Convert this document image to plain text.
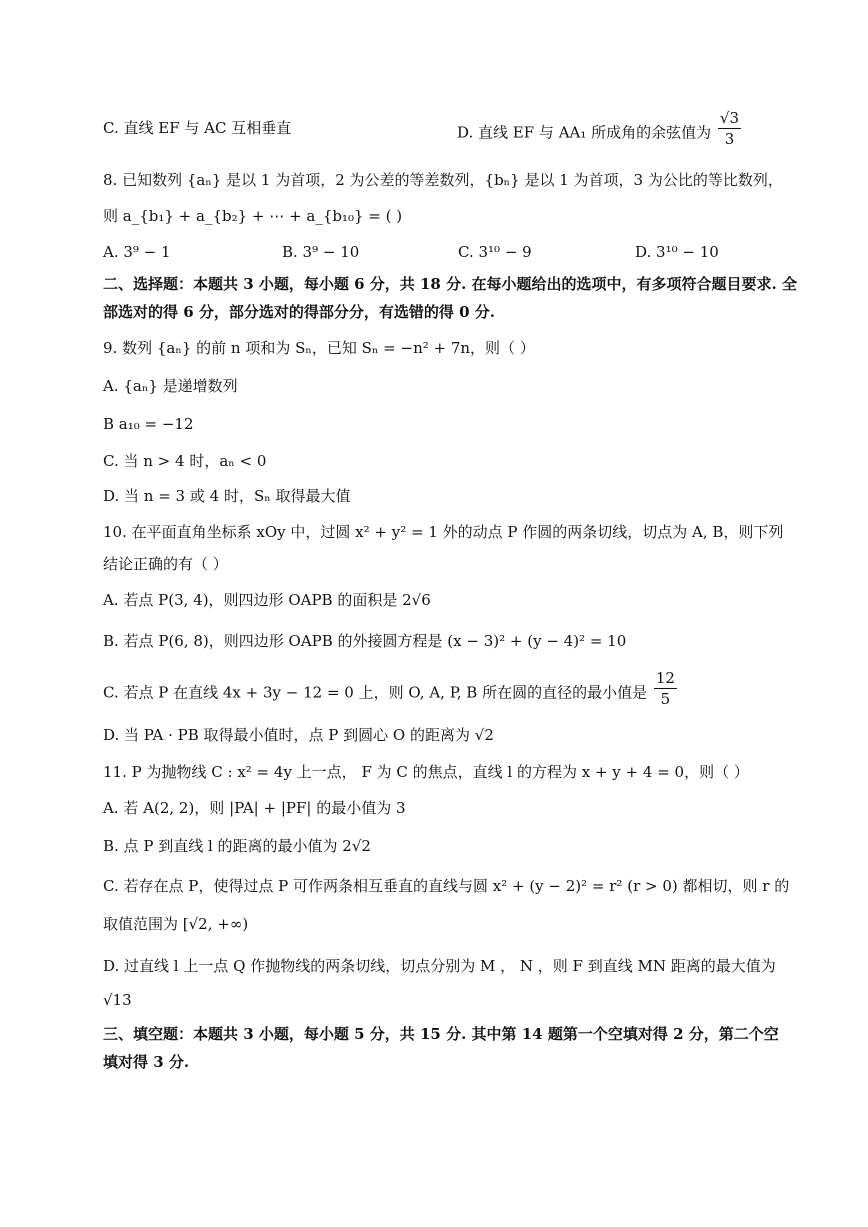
C. 直线 EF 与 AC 互相垂直	D. 直线 EF 与 AA₁ 所成角的余弦值为 $\frac{√3}{3}$
8. 已知数列 {aₙ} 是以 1 为首项，2 为公差的等差数列，{bₙ} 是以 1 为首项，3 为公比的等比数列，
则 a_{b₁} + a_{b₂} + ⋯ + a_{b₁₀} = ( )
A. 3⁹ − 1	B. 3⁹ − 10	C. 3¹⁰ − 9	D. 3¹⁰ − 10
二、选择题：本题共 3 小题，每小题 6 分，共 18 分. 在每小题给出的选项中，有多项符合题目要求. 全
部选对的得 6 分，部分选对的得部分分，有选错的得 0 分.
9. 数列 {aₙ} 的前 n 项和为 Sₙ，已知 Sₙ = −n² + 7n，则（ ）
A. {aₙ} 是递增数列
B a₁₀ = −12
C. 当 n > 4 时，aₙ < 0
D. 当 n = 3 或 4 时，Sₙ 取得最大值
10. 在平面直角坐标系 xOy 中，过圆 x² + y² = 1 外的动点 P 作圆的两条切线，切点为 A, B，则下列
结论正确的有（ ）
A. 若点 P(3, 4)，则四边形 OAPB 的面积是 2√6
B. 若点 P(6, 8)，则四边形 OAPB 的外接圆方程是 (x − 3)² + (y − 4)² = 10
C. 若点 P 在直线 4x + 3y − 12 = 0 上，则 O, A, P, B 所在圆的直径的最小值是 $\frac{12}{5}$
D. 当 PA · PB 取得最小值时，点 P 到圆心 O 的距离为 √2
11. P 为抛物线 C : x² = 4y 上一点， F 为 C 的焦点，直线 l 的方程为 x + y + 4 = 0，则（ ）
A. 若 A(2, 2)，则 |PA| + |PF| 的最小值为 3
B. 点 P 到直线 l 的距离的最小值为 2√2
C. 若存在点 P，使得过点 P 可作两条相互垂直的直线与圆 x² + (y − 2)² = r² (r > 0) 都相切，则 r 的
取值范围为 [√2, +∞)
D. 过直线 l 上一点 Q 作抛物线的两条切线，切点分别为 M ， N ，则 F 到直线 MN 距离的最大值为
√13
三、填空题：本题共 3 小题，每小题 5 分，共 15 分. 其中第 14 题第一个空填对得 2 分，第二个空
填对得 3 分.
